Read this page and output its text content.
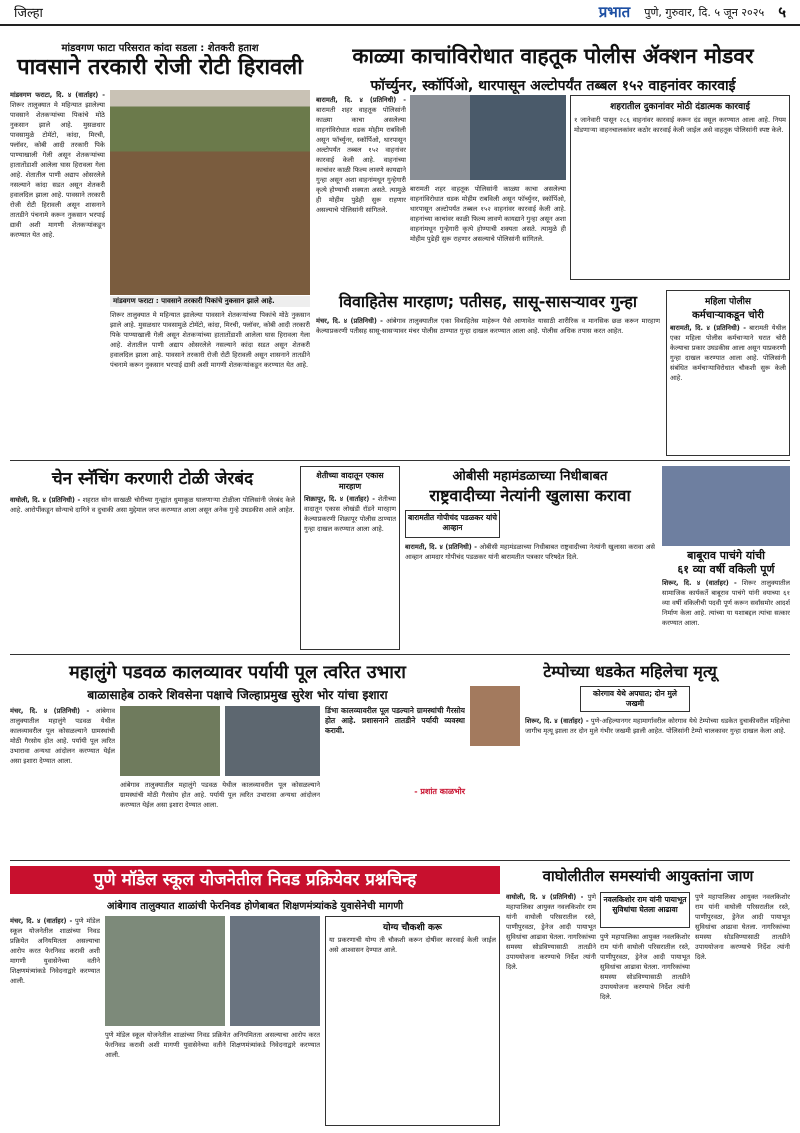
जिल्हा	प्रभात पुणे, गुरुवार, दि. ५ जून २०२५ ५
मांडवगण फाटा परिसरात कांदा सडला : शेतकरी हताश
पावसाने तरकारी रोजी रोटी हिरावली
मांडवगण फराटा, दि. ४ (वार्ताहर) - शिरूर तालुक्यात मे महिन्यात झालेल्या पावसाने शेतकऱ्यांच्या पिकांचे मोठे नुकसान झाले आहे. मुसळधार पावसामुळे टोमॅटो, कांदा, मिरची, फ्लॉवर, कोबी आदी तरकारी पिके पाण्याखाली गेली असून शेतकऱ्यांच्या हातातोंडाशी आलेला घास हिरावला गेला आहे. शेतातील पाणी अद्याप ओसरलेले नसल्याने कांदा सडत असून शेतकरी हवालदिल झाला आहे. पावसाने तरकारी रोजी रोटी हिरावली असून शासनाने तातडीने पंचनामे करून नुकसान भरपाई द्यावी अशी मागणी शेतकऱ्यांकडून करण्यात येत आहे.
मांडवगण फराटा : पावसाने तरकारी पिकांचे नुकसान झाले आहे.
शिरूर तालुक्यात मे महिन्यात झालेल्या पावसाने शेतकऱ्यांच्या पिकांचे मोठे नुकसान झाले आहे. मुसळधार पावसामुळे टोमॅटो, कांदा, मिरची, फ्लॉवर, कोबी आदी तरकारी पिके पाण्याखाली गेली असून शेतकऱ्यांच्या हातातोंडाशी आलेला घास हिरावला गेला आहे. शेतातील पाणी अद्याप ओसरलेले नसल्याने कांदा सडत असून शेतकरी हवालदिल झाला आहे. पावसाने तरकारी रोजी रोटी हिरावली असून शासनाने तातडीने पंचनामे करून नुकसान भरपाई द्यावी अशी मागणी शेतकऱ्यांकडून करण्यात येत आहे.
काळ्या काचांविरोधात वाहतूक पोलीस ॲक्शन मोडवर
फॉर्च्युनर, स्कॉर्पिओ, थारपासून अल्टोपर्यंत तब्बल १५२ वाहनांवर कारवाई
बारामती, दि. ४ (प्रतिनिधी) - बारामती शहर वाहतूक पोलिसांनी काळ्या काचा असलेल्या वाहनांविरोधात धडक मोहीम राबविली असून फॉर्च्युनर, स्कॉर्पिओ, थारपासून अल्टोपर्यंत तब्बल १५२ वाहनांवर कारवाई केली आहे. वाहनांच्या काचांवर काळी फिल्म लावणे कायद्याने गुन्हा असून अशा वाहनांमधून गुन्हेगारी कृत्ये होण्याची शक्यता असते. त्यामुळे ही मोहीम पुढेही सुरू राहणार असल्याचे पोलिसांनी सांगितले.
बारामती शहर वाहतूक पोलिसांनी काळ्या काचा असलेल्या वाहनांविरोधात धडक मोहीम राबविली असून फॉर्च्युनर, स्कॉर्पिओ, थारपासून अल्टोपर्यंत तब्बल १५२ वाहनांवर कारवाई केली आहे. वाहनांच्या काचांवर काळी फिल्म लावणे कायद्याने गुन्हा असून अशा वाहनांमधून गुन्हेगारी कृत्ये होण्याची शक्यता असते. त्यामुळे ही मोहीम पुढेही सुरू राहणार असल्याचे पोलिसांनी सांगितले.
शहरातील दुकानांवर मोठी दंडात्मक कारवाई
१ जानेवारी पासून २८६ वाहनांवर कारवाई करून दंड वसूल करण्यात आला आहे. नियम मोडणाऱ्या वाहनचालकांवर कठोर कारवाई केली जाईल असे वाहतूक पोलिसांनी स्पष्ट केले.
विवाहितेस मारहाण; पतीसह, सासू-सासऱ्यावर गुन्हा
मंचर, दि. ४ (प्रतिनिधी) - आंबेगाव तालुक्यातील एका विवाहितेस माहेरून पैसे आणावेत यासाठी शारीरिक व मानसिक छळ करून मारहाण केल्याप्रकरणी पतीसह सासू-सासऱ्यावर मंचर पोलीस ठाण्यात गुन्हा दाखल करण्यात आला आहे. पोलीस अधिक तपास करत आहेत.
महिला पोलीस
कर्मचाऱ्याकडून चोरी
बारामती, दि. ४ (प्रतिनिधी) - बारामती येथील एका महिला पोलीस कर्मचाऱ्याने घरात चोरी केल्याचा प्रकार उघडकीस आला असून याप्रकरणी गुन्हा दाखल करण्यात आला आहे. पोलिसांनी संबंधित कर्मचाऱ्याविरोधात चौकशी सुरू केली आहे.
चेन स्नॅचिंग करणारी टोळी जेरबंद
वाघोली, दि. ४ (प्रतिनिधी) - शहरात सोन साखळी चोरीच्या गुन्ह्यांत धुमाकूळ घालणाऱ्या टोळीला पोलिसांनी जेरबंद केले आहे. आरोपींकडून सोन्याचे दागिने व दुचाकी असा मुद्देमाल जप्त करण्यात आला असून अनेक गुन्हे उघडकीस आले आहेत.
शेतीच्या वादातून एकास मारहाण
शिक्रापूर, दि. ४ (वार्ताहर) - शेतीच्या वादातून एकास लोखंडी रॉडने मारहाण केल्याप्रकरणी शिक्रापूर पोलीस ठाण्यात गुन्हा दाखल करण्यात आला आहे.
ओबीसी महामंडळाच्या निधीबाबत
राष्ट्रवादीच्या नेत्यांनी खुलासा करावा
बारामतीत गोपीचंद पडळकर यांचे आव्हान
बारामती, दि. ४ (प्रतिनिधी) - ओबीसी महामंडळाच्या निधीबाबत राष्ट्रवादीच्या नेत्यांनी खुलासा करावा असे आव्हान आमदार गोपीचंद पडळकर यांनी बारामतीत पत्रकार परिषदेत दिले.	बाबूराव पाचंगे यांची
६१ व्या वर्षी वकिली पूर्ण
शिरूर, दि. ४ (वार्ताहर) - शिरूर तालुक्यातील सामाजिक कार्यकर्ते बाबूराव पाचंगे यांनी वयाच्या ६१ व्या वर्षी वकिलीची पदवी पूर्ण करून सर्वांसमोर आदर्श निर्माण केला आहे. त्यांच्या या यशाबद्दल त्यांचा सत्कार करण्यात आला.
महालुंगे पडवळ कालव्यावर पर्यायी पूल त्वरित उभारा
बाळासाहेब ठाकरे शिवसेना पक्षाचे जिल्हाप्रमुख सुरेश भोर यांचा इशारा
मंचर, दि. ४ (प्रतिनिधी) - आंबेगाव तालुक्यातील महालुंगे पडवळ येथील कालव्यावरील पूल कोसळल्याने ग्रामस्थांची मोठी गैरसोय होत आहे. पर्यायी पूल त्वरित उभारावा अन्यथा आंदोलन करण्यात येईल असा इशारा देण्यात आला.
आंबेगाव तालुक्यातील महालुंगे पडवळ येथील कालव्यावरील पूल कोसळल्याने ग्रामस्थांची मोठी गैरसोय होत आहे. पर्यायी पूल त्वरित उभारावा अन्यथा आंदोलन करण्यात येईल असा इशारा देण्यात आला.
डिंभा कालव्यावरील पूल पडल्याने ग्रामस्थांची गैरसोय होत आहे. प्रशासनाने तातडीने पर्यायी व्यवस्था करावी.
- प्रशांत काळभोर
टेम्पोच्या धडकेत महिलेचा मृत्यू
कोरगाव येथे अपघात; दोन मुले जखमी
शिरूर, दि. ४ (वार्ताहर) - पुणे-अहिल्यानगर महामार्गावरील कोरगाव येथे टेम्पोच्या धडकेत दुचाकीवरील महिलेचा जागीच मृत्यू झाला तर दोन मुले गंभीर जखमी झाली आहेत. पोलिसांनी टेम्पो चालकावर गुन्हा दाखल केला आहे.
पुणे मॉडेल स्कूल योजनेतील निवड प्रक्रियेवर प्रश्नचिन्ह
आंबेगाव तालुक्यात शाळांची फेरनिवड होणेबाबत शिक्षणमंत्र्यांकडे युवासेनेची मागणी
मंचर, दि. ४ (वार्ताहर) - पुणे मॉडेल स्कूल योजनेतील शाळांच्या निवड प्रक्रियेत अनियमितता असल्याचा आरोप करत फेरनिवड करावी अशी मागणी युवासेनेच्या वतीने शिक्षणमंत्र्यांकडे निवेदनाद्वारे करण्यात आली.
पुणे मॉडेल स्कूल योजनेतील शाळांच्या निवड प्रक्रियेत अनियमितता असल्याचा आरोप करत फेरनिवड करावी अशी मागणी युवासेनेच्या वतीने शिक्षणमंत्र्यांकडे निवेदनाद्वारे करण्यात आली.
योग्य चौकशी करू
या प्रकरणाची योग्य ती चौकशी करून दोषींवर कारवाई केली जाईल असे आश्वासन देण्यात आले.
वाघोलीतील समस्यांची आयुक्तांना जाण
वाघोली, दि. ४ (प्रतिनिधी) - पुणे महापालिका आयुक्त नवलकिशोर राम यांनी वाघोली परिसरातील रस्ते, पाणीपुरवठा, ड्रेनेज आदी पायाभूत सुविधांचा आढावा घेतला. नागरिकांच्या समस्या सोडविण्यासाठी तातडीने उपाययोजना करण्याचे निर्देश त्यांनी दिले.
नवलकिशोर राम यांनी पायाभूत सुविधांचा घेतला आढावा
पुणे महापालिका आयुक्त नवलकिशोर राम यांनी वाघोली परिसरातील रस्ते, पाणीपुरवठा, ड्रेनेज आदी पायाभूत सुविधांचा आढावा घेतला. नागरिकांच्या समस्या सोडविण्यासाठी तातडीने उपाययोजना करण्याचे निर्देश त्यांनी दिले.
पुणे महापालिका आयुक्त नवलकिशोर राम यांनी वाघोली परिसरातील रस्ते, पाणीपुरवठा, ड्रेनेज आदी पायाभूत सुविधांचा आढावा घेतला. नागरिकांच्या समस्या सोडविण्यासाठी तातडीने उपाययोजना करण्याचे निर्देश त्यांनी दिले.
